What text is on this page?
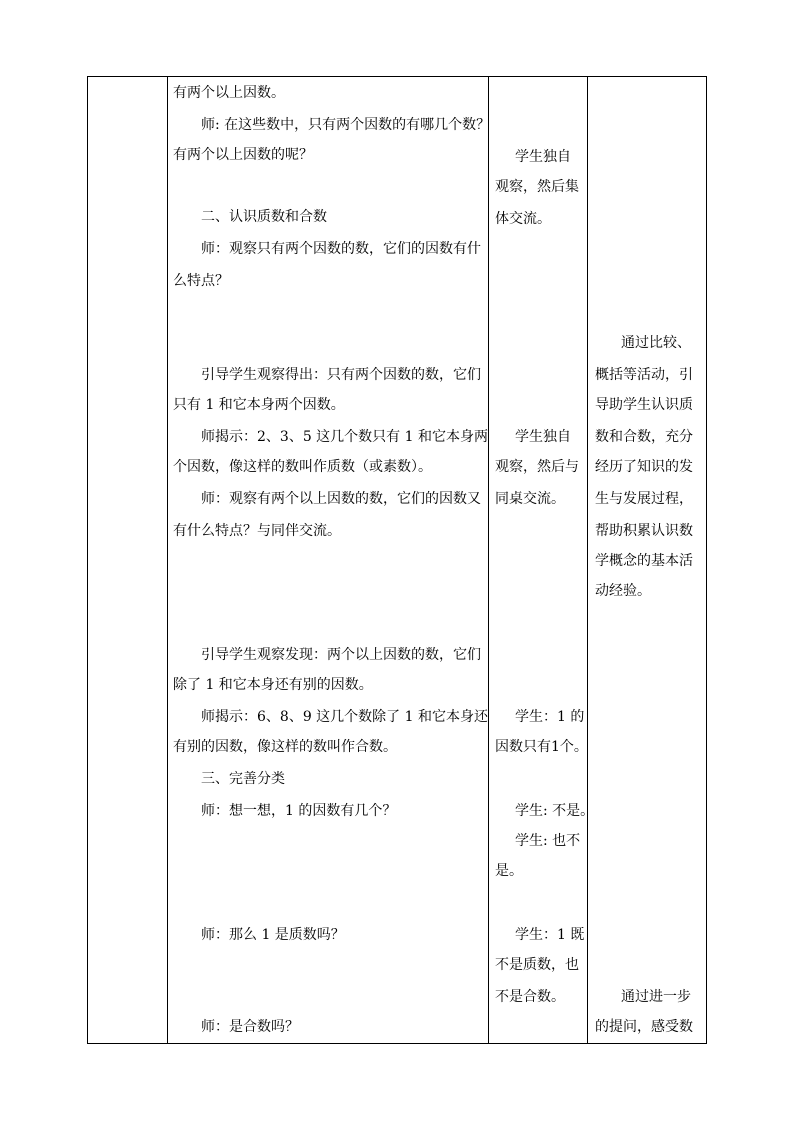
有两个以上因数。
师: 在这些数中，只有两个因数的有哪几个数？
有两个以上因数的呢？
二、认识质数和合数
师：观察只有两个因数的数，它们的因数有什
么特点？
引导学生观察得出：只有两个因数的数，它们
只有 1 和它本身两个因数。
师揭示：2、3、5 这几个数只有 1 和它本身两
个因数，像这样的数叫作质数（或素数）。
师：观察有两个以上因数的数，它们的因数又
有什么特点？与同伴交流。
引导学生观察发现：两个以上因数的数，它们
除了 1 和它本身还有别的因数。
师揭示：6、8、9 这几个数除了 1 和它本身还
有别的因数，像这样的数叫作合数。
三、完善分类
师：想一想，1 的因数有几个？
师：那么 1 是质数吗？
师：是合数吗？
学生独自
观察，然后集
体交流。
学生独自
观察，然后与
同桌交流。
学生：1 的
因数只有1个。
学生: 不是。
学生: 也不
是。
学生：1 既
不是质数，也
不是合数。
通过比较、
概括等活动，引
导助学生认识质
数和合数，充分
经历了知识的发
生与发展过程，
帮助积累认识数
学概念的基本活
动经验。
通过进一步
的提问，感受数
